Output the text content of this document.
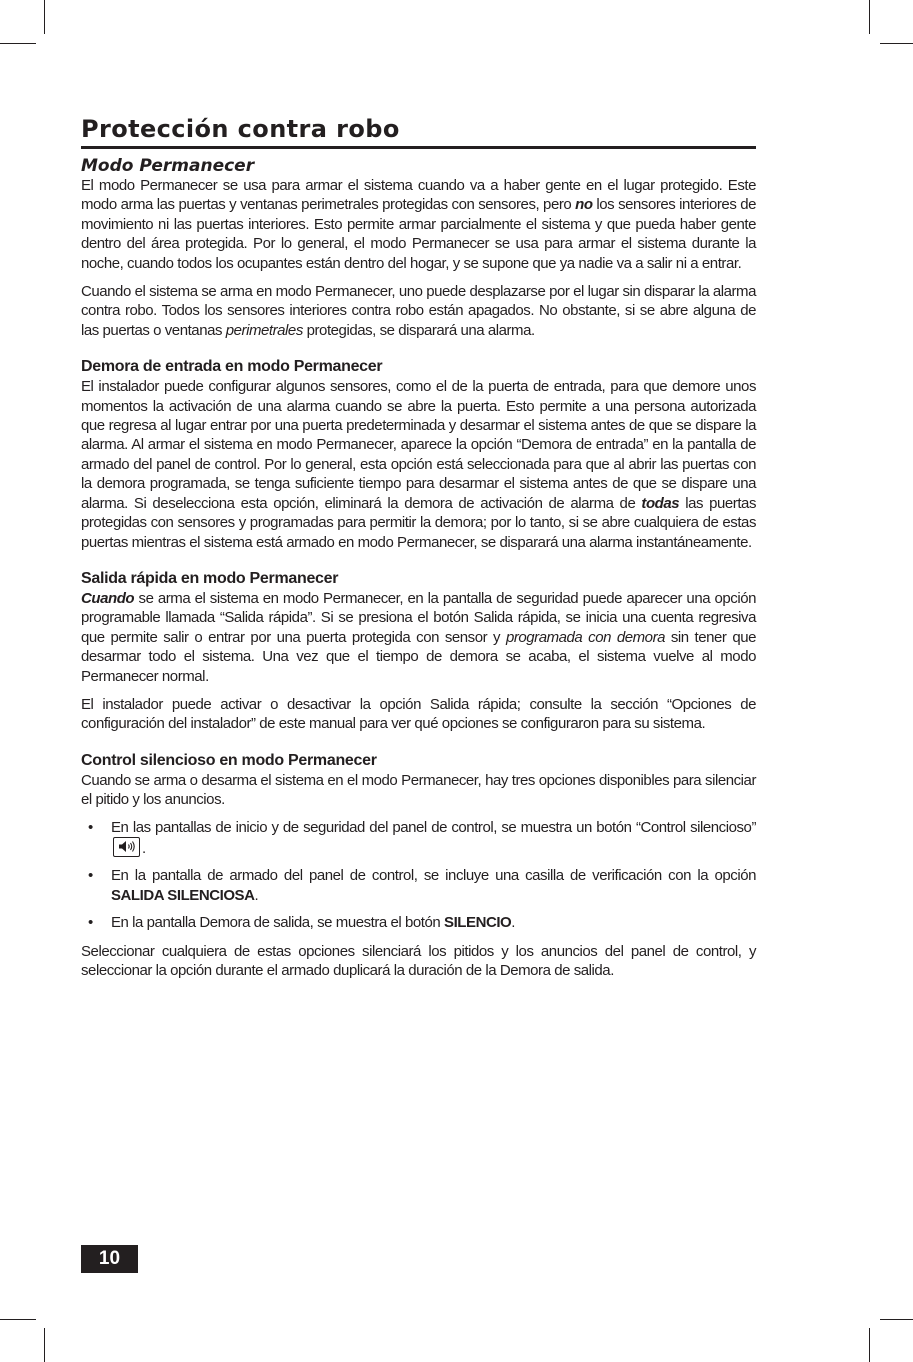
Protección contra robo
Modo Permanecer

El modo Permanecer se usa para armar el sistema cuando va a haber gente en el lugar protegido. Este modo arma las puertas y ventanas perimetrales protegidas con sensores, pero no los sensores interiores de movimiento ni las puertas interiores. Esto permite armar parcialmente el sistema y que pueda haber gente dentro del área protegida. Por lo general, el modo Permanecer se usa para armar el sistema durante la noche, cuando todos los ocupantes están dentro del hogar, y se supone que ya nadie va a salir ni a entrar.

Cuando el sistema se arma en modo Permanecer, uno puede desplazarse por el lugar sin disparar la alarma contra robo. Todos los sensores interiores contra robo están apagados. No obstante, si se abre alguna de las puertas o ventanas perimetrales protegidas, se disparará una alarma.

Demora de entrada en modo Permanecer

El instalador puede configurar algunos sensores, como el de la puerta de entrada, para que demore unos momentos la activación de una alarma cuando se abre la puerta. Esto permite a una persona autorizada que regresa al lugar entrar por una puerta predeterminada y desarmar el sistema antes de que se dispare la alarma. Al armar el sistema en modo Permanecer, aparece la opción “Demora de entrada” en la pantalla de armado del panel de control. Por lo general, esta opción está seleccionada para que al abrir las puertas con la demora programada, se tenga suficiente tiempo para desarmar el sistema antes de que se dispare una alarma. Si deselecciona esta opción, eliminará la demora de activación de alarma de todas las puertas protegidas con sensores y programadas para permitir la demora; por lo tanto, si se abre cualquiera de estas puertas mientras el sistema está armado en modo Permanecer, se disparará una alarma instantáneamente.

Salida rápida en modo Permanecer

Cuando se arma el sistema en modo Permanecer, en la pantalla de seguridad puede aparecer una opción programable llamada “Salida rápida”. Si se presiona el botón Salida rápida, se inicia una cuenta regresiva que permite salir o entrar por una puerta protegida con sensor y programada con demora sin tener que desarmar todo el sistema. Una vez que el tiempo de demora se acaba, el sistema vuelve al modo Permanecer normal.

El instalador puede activar o desactivar la opción Salida rápida; consulte la sección “Opciones de configuración del instalador” de este manual para ver qué opciones se configuraron para su sistema.

Control silencioso en modo Permanecer

Cuando se arma o desarma el sistema en el modo Permanecer, hay tres opciones disponibles para silenciar el pitido y los anuncios.

• En las pantallas de inicio y de seguridad del panel de control, se muestra un botón “Control silencioso”
.
• En la pantalla de armado del panel de control, se incluye una casilla de verificación con la opción SALIDA SILENCIOSA.
• En la pantalla Demora de salida, se muestra el botón SILENCIO.

Seleccionar cualquiera de estas opciones silenciará los pitidos y los anuncios del panel de control, y seleccionar la opción durante el armado duplicará la duración de la Demora de salida.

10
